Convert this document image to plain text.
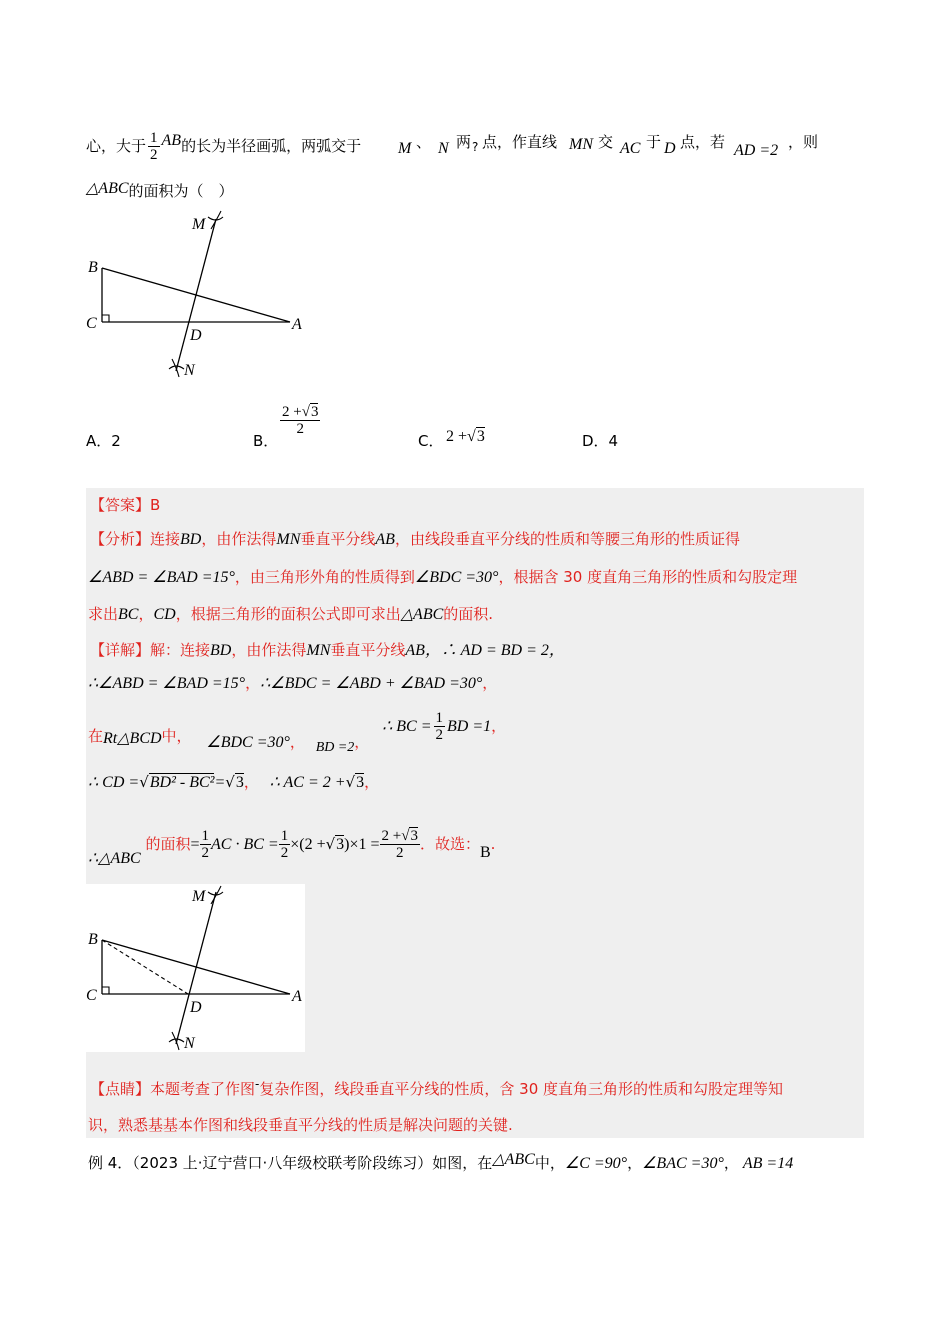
心，大于 $\frac{1}{2}$ AB的长为半径画弧，两弧交于 M 、 N 两 ? 点，作直线 MN 交 AC 于 D 点，若 AD =2 ，则
△ABC的面积为（　）
M
B
C
D
A
N
A．2	B．
$\frac{2 +√3}{2}$
C． 2 +√3	D．4
【答案】B
【分析】连接BD，由作法得MN垂直平分线AB，由线段垂直平分线的性质和等腰三角形的性质证得
∠ABD = ∠BAD =15°，由三角形外角的性质得到∠BDC =30°，根据含 30 度直角三角形的性质和勾股定理
求出BC，CD，根据三角形的面积公式即可求出△ABC的面积.
【详解】解：连接BD，由作法得MN垂直平分线AB，∴ AD = BD = 2，
∴∠ABD = ∠BAD =15°，∴∠BDC = ∠ABD + ∠BAD =30°，
在Rt△BCD中， ∠BDC =30°， BD =2， ∴ BC = $\frac{1}{2}$ BD =1，
∴ CD =√BD² - BC²=√3， ∴ AC = 2 +√3，
∴△ABC 的面积= $\frac{1}{2}$ AC · BC = $\frac{1}{2} \times(2 +√3)\times 1 = \frac{2 +√3}{2}$ ．故选：B.
M
B
C
D
A
N
【点睛】本题考查了作图-复杂作图，线段垂直平分线的性质，含 30 度直角三角形的性质和勾股定理等知
识，熟悉基基本作图和线段垂直平分线的性质是解决问题的关键.
例 4．（2023 上·辽宁营口·八年级校联考阶段练习）如图，在△ABC中，∠C =90°，∠BAC =30°， AB =14
